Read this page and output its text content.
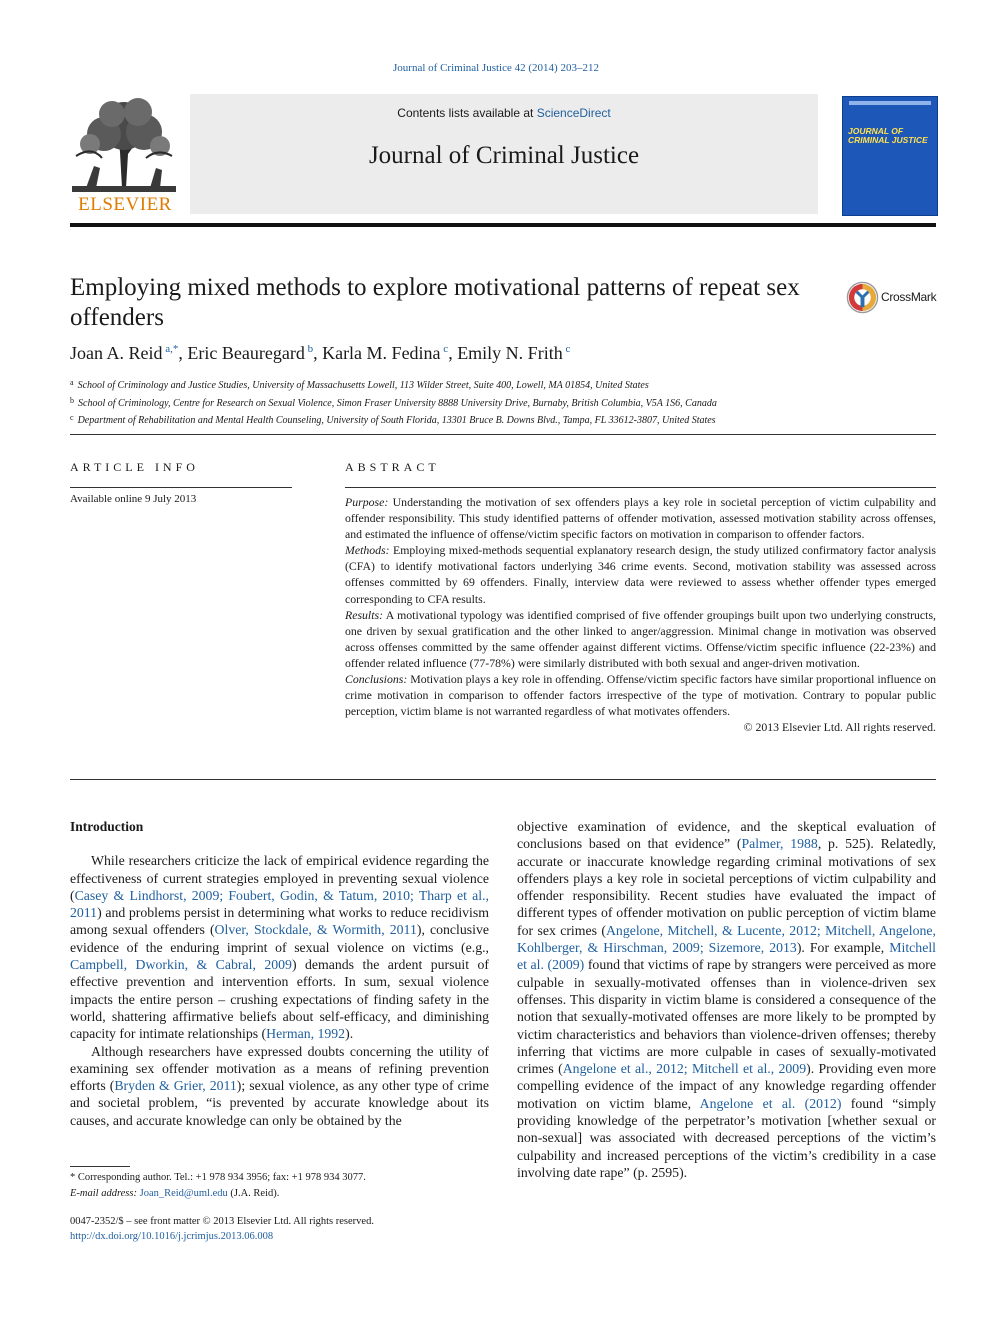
Journal of Criminal Justice 42 (2014) 203–212
ELSEVIER
Contents lists available at ScienceDirect
Journal of Criminal Justice
JOURNAL OF CRIMINAL JUSTICE
Employing mixed methods to explore motivational patterns of repeat sex offenders
CrossMark
Joan A. Reid $^{a,*}$, Eric Beauregard $^b$, Karla M. Fedina $^c$, Emily N. Frith $^c$
$^a$ School of Criminology and Justice Studies, University of Massachusetts Lowell, 113 Wilder Street, Suite 400, Lowell, MA 01854, United States
$^b$ School of Criminology, Centre for Research on Sexual Violence, Simon Fraser University 8888 University Drive, Burnaby, British Columbia, V5A 1S6, Canada
$^c$ Department of Rehabilitation and Mental Health Counseling, University of South Florida, 13301 Bruce B. Downs Blvd., Tampa, FL 33612-3807, United States
ARTICLE INFO
Available online 9 July 2013
ABSTRACT

Purpose: Understanding the motivation of sex offenders plays a key role in societal perception of victim culpability and offender responsibility. This study identified patterns of offender motivation, assessed motivation stability across offenses, and estimated the influence of offense/victim specific factors on motivation in comparison to offender factors.

Methods: Employing mixed-methods sequential explanatory research design, the study utilized confirmatory factor analysis (CFA) to identify motivational factors underlying 346 crime events. Second, motivation stability was assessed across offenses committed by 69 offenders. Finally, interview data were reviewed to assess whether offender types emerged corresponding to CFA results.

Results: A motivational typology was identified comprised of five offender groupings built upon two underlying constructs, one driven by sexual gratification and the other linked to anger/aggression. Minimal change in motivation was observed across offenses committed by the same offender against different victims. Offense/victim specific influence (22-23%) and offender related influence (77-78%) were similarly distributed with both sexual and anger-driven motivation.

Conclusions: Motivation plays a key role in offending. Offense/victim specific factors have similar proportional influence on crime motivation in comparison to offender factors irrespective of the type of motivation. Contrary to popular public perception, victim blame is not warranted regardless of what motivates offenders.

© 2013 Elsevier Ltd. All rights reserved.

Introduction

While researchers criticize the lack of empirical evidence regarding the effectiveness of current strategies employed in preventing sexual violence (Casey & Lindhorst, 2009; Foubert, Godin, & Tatum, 2010; Tharp et al., 2011) and problems persist in determining what works to reduce recidivism among sexual offenders (Olver, Stockdale, & Wormith, 2011), conclusive evidence of the enduring imprint of sexual violence on victims (e.g., Campbell, Dworkin, & Cabral, 2009) demands the ardent pursuit of effective prevention and intervention efforts. In sum, sexual violence impacts the entire person – crushing expectations of finding safety in the world, shattering affirmative beliefs about self-efficacy, and diminishing capacity for intimate relationships (Herman, 1992).

Although researchers have expressed doubts concerning the utility of examining sex offender motivation as a means of refining prevention efforts (Bryden & Grier, 2011); sexual violence, as any other type of crime and societal problem, “is prevented by accurate knowledge about its causes, and accurate knowledge can only be obtained by the

objective examination of evidence, and the skeptical evaluation of conclusions based on that evidence” (Palmer, 1988, p. 525). Relatedly, accurate or inaccurate knowledge regarding criminal motivations of sex offenders plays a key role in societal perceptions of victim culpability and offender responsibility. Recent studies have evaluated the impact of different types of offender motivation on public perception of victim blame for sex crimes (Angelone, Mitchell, & Lucente, 2012; Mitchell, Angelone, Kohlberger, & Hirschman, 2009; Sizemore, 2013). For example, Mitchell et al. (2009) found that victims of rape by strangers were perceived as more culpable in sexually-motivated offenses than in violence-driven sex offenses. This disparity in victim blame is considered a consequence of the notion that sexually-motivated offenses are more likely to be prompted by victim characteristics and behaviors than violence-driven offenses; thereby inferring that victims are more culpable in cases of sexually-motivated crimes (Angelone et al., 2012; Mitchell et al., 2009). Providing even more compelling evidence of the impact of any knowledge regarding offender motivation on victim blame, Angelone et al. (2012) found “simply providing knowledge of the perpetrator’s motivation [whether sexual or non-sexual] was associated with decreased perceptions of the victim’s culpability and increased perceptions of the victim’s credibility in a case involving date rape” (p. 2595).

* Corresponding author. Tel.: +1 978 934 3956; fax: +1 978 934 3077.

E-mail address: Joan_Reid@uml.edu (J.A. Reid).

0047-2352/$ – see front matter © 2013 Elsevier Ltd. All rights reserved.

http://dx.doi.org/10.1016/j.jcrimjus.2013.06.008
